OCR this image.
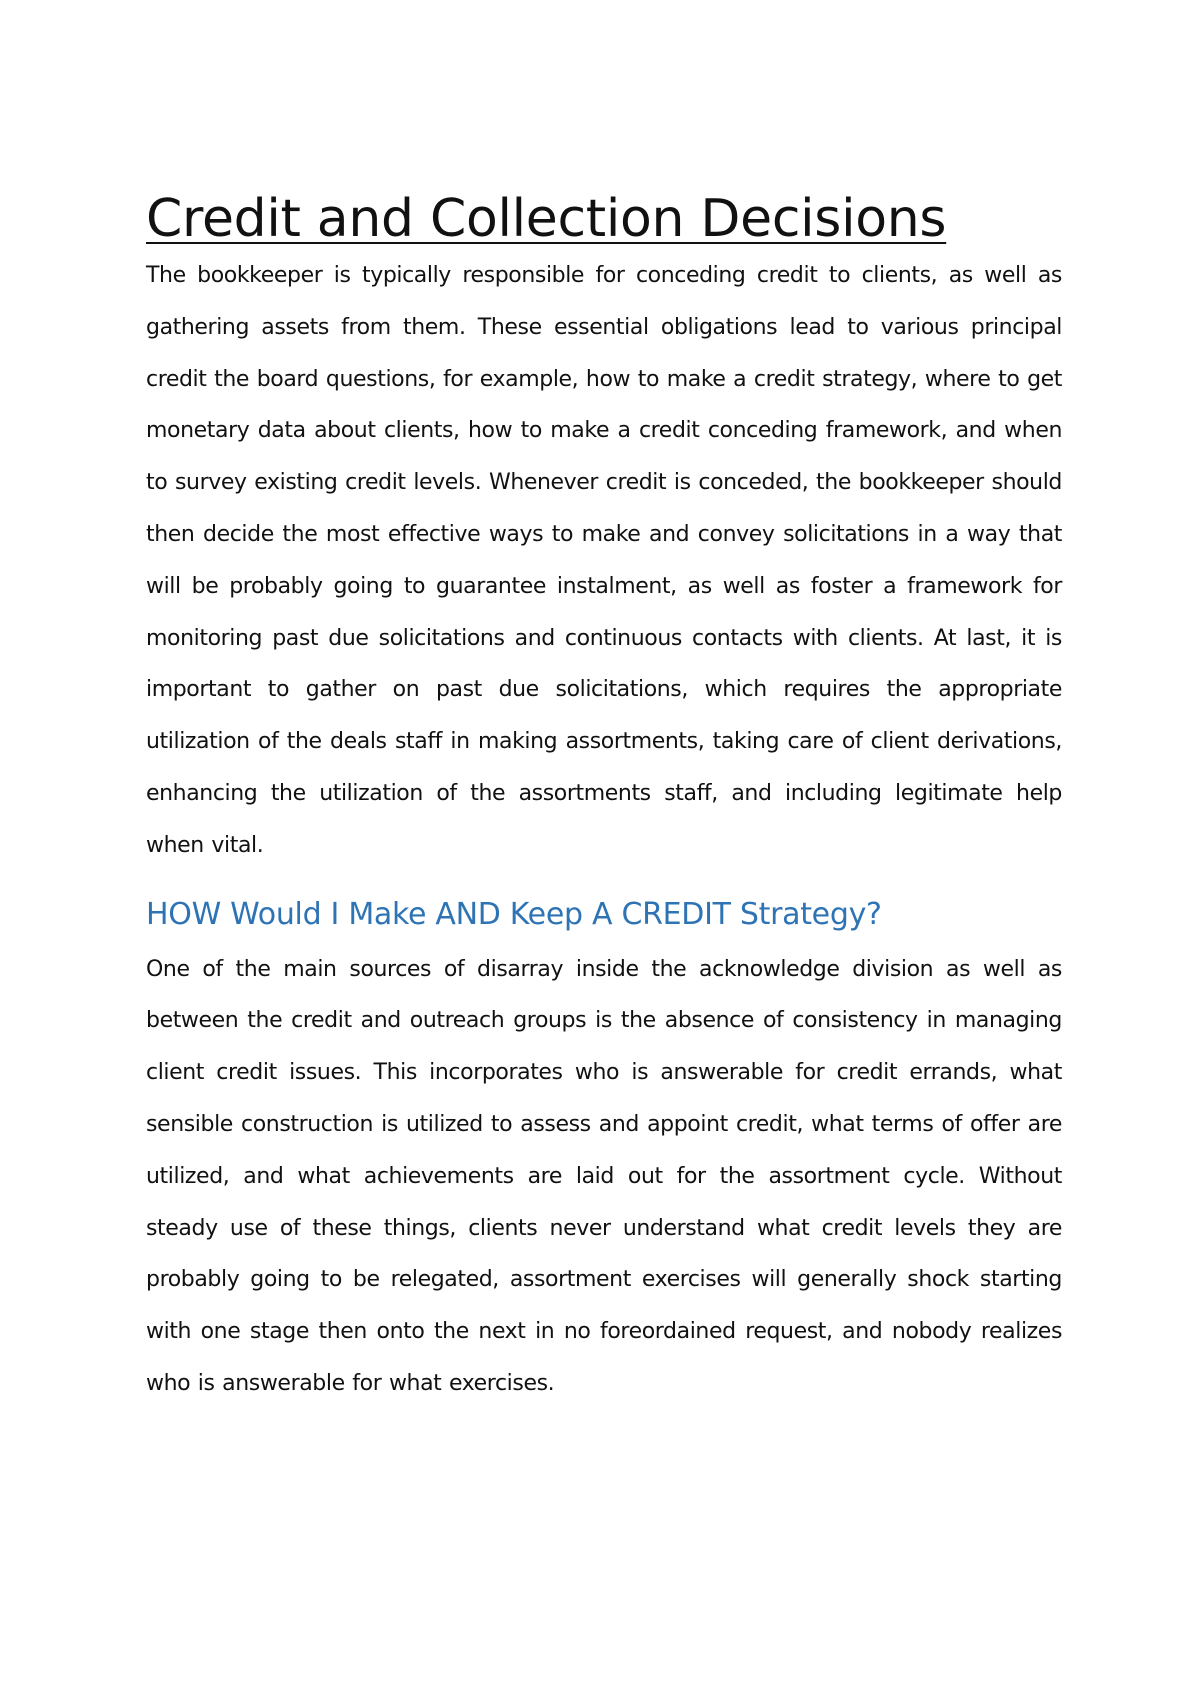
Credit and Collection Decisions

The bookkeeper is typically responsible for conceding credit to clients, as well as gathering assets from them. These essential obligations lead to various principal credit the board questions, for example, how to make a credit strategy, where to get monetary data about clients, how to make a credit conceding framework, and when to survey existing credit levels. Whenever credit is conceded, the bookkeeper should then decide the most effective ways to make and convey solicitations in a way that will be probably going to guarantee instalment, as well as foster a framework for monitoring past due solicitations and continuous contacts with clients. At last, it is important to gather on past due solicitations, which requires the appropriate utilization of the deals staff in making assortments, taking care of client derivations, enhancing the utilization of the assortments staff, and including legitimate help when vital.

HOW Would I Make AND Keep A CREDIT Strategy?

One of the main sources of disarray inside the acknowledge division as well as between the credit and outreach groups is the absence of consistency in managing client credit issues. This incorporates who is answerable for credit errands, what sensible construction is utilized to assess and appoint credit, what terms of offer are utilized, and what achievements are laid out for the assortment cycle. Without steady use of these things, clients never understand what credit levels they are probably going to be relegated, assortment exercises will generally shock starting with one stage then onto the next in no foreordained request, and nobody realizes who is answerable for what exercises.
